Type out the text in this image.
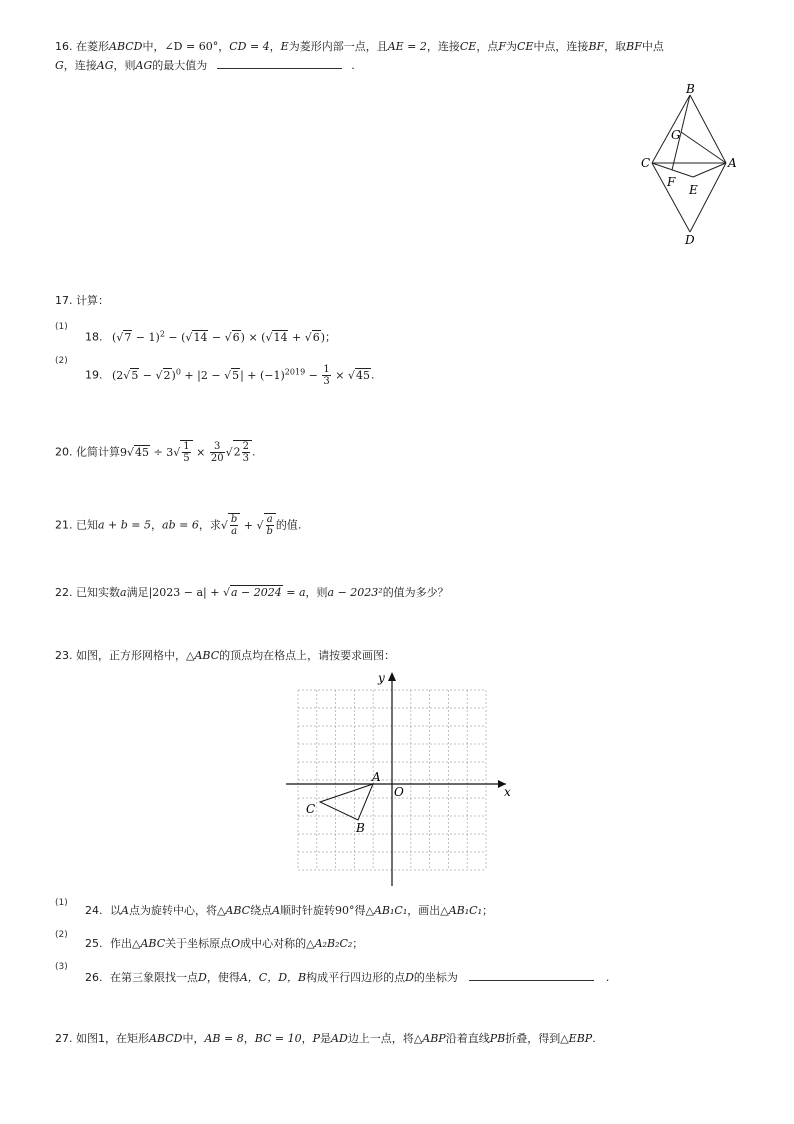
16. 在菱形ABCD中，∠D = 60°，CD = 4，E为菱形内部一点，且AE = 2，连接CE，点F为CE中点，连接BF，取BF中点
G，连接AG，则AG的最大值为	.
B
G
C	A
F
E
D
17. 计算：
(1)
18. $(√7 - 1)^2 - (√14 - √6) \times (√14 + √6)$；
(2)
19. $(2√5 - √2)^0 + |2 - √5| + (-1)^{2019} - \frac{1}{3} \times √45$.
20. 化简计算$9√45 \div 3√ \frac{1}{5} \times \frac{3}{20} √2 \frac{2}{3}$ .
21. 已知a + b = 5，ab = 6，求√ $\frac{b}{a}$ + √ $\frac{a}{b}$ 的值.
22. 已知实数a满足|2023 − a| + √a − 2024 = a，则a − 2023²的值为多少？
23. 如图，正方形网格中，△ABC的顶点均在格点上，请按要求画图：
y
x
O
A
B
C
(1)
24. 以A点为旋转中心，将△ABC绕点A顺时针旋转90°得△AB₁C₁，画出△AB₁C₁；
(2)
25. 作出△ABC关于坐标原点O成中心对称的△A₂B₂C₂；
(3)
26. 在第三象限找一点D，使得A，C，D，B构成平行四边形的点D的坐标为	.
27. 如图1，在矩形ABCD中，AB = 8，BC = 10，P是AD边上一点，将△ABP沿着直线PB折叠，得到△EBP.
